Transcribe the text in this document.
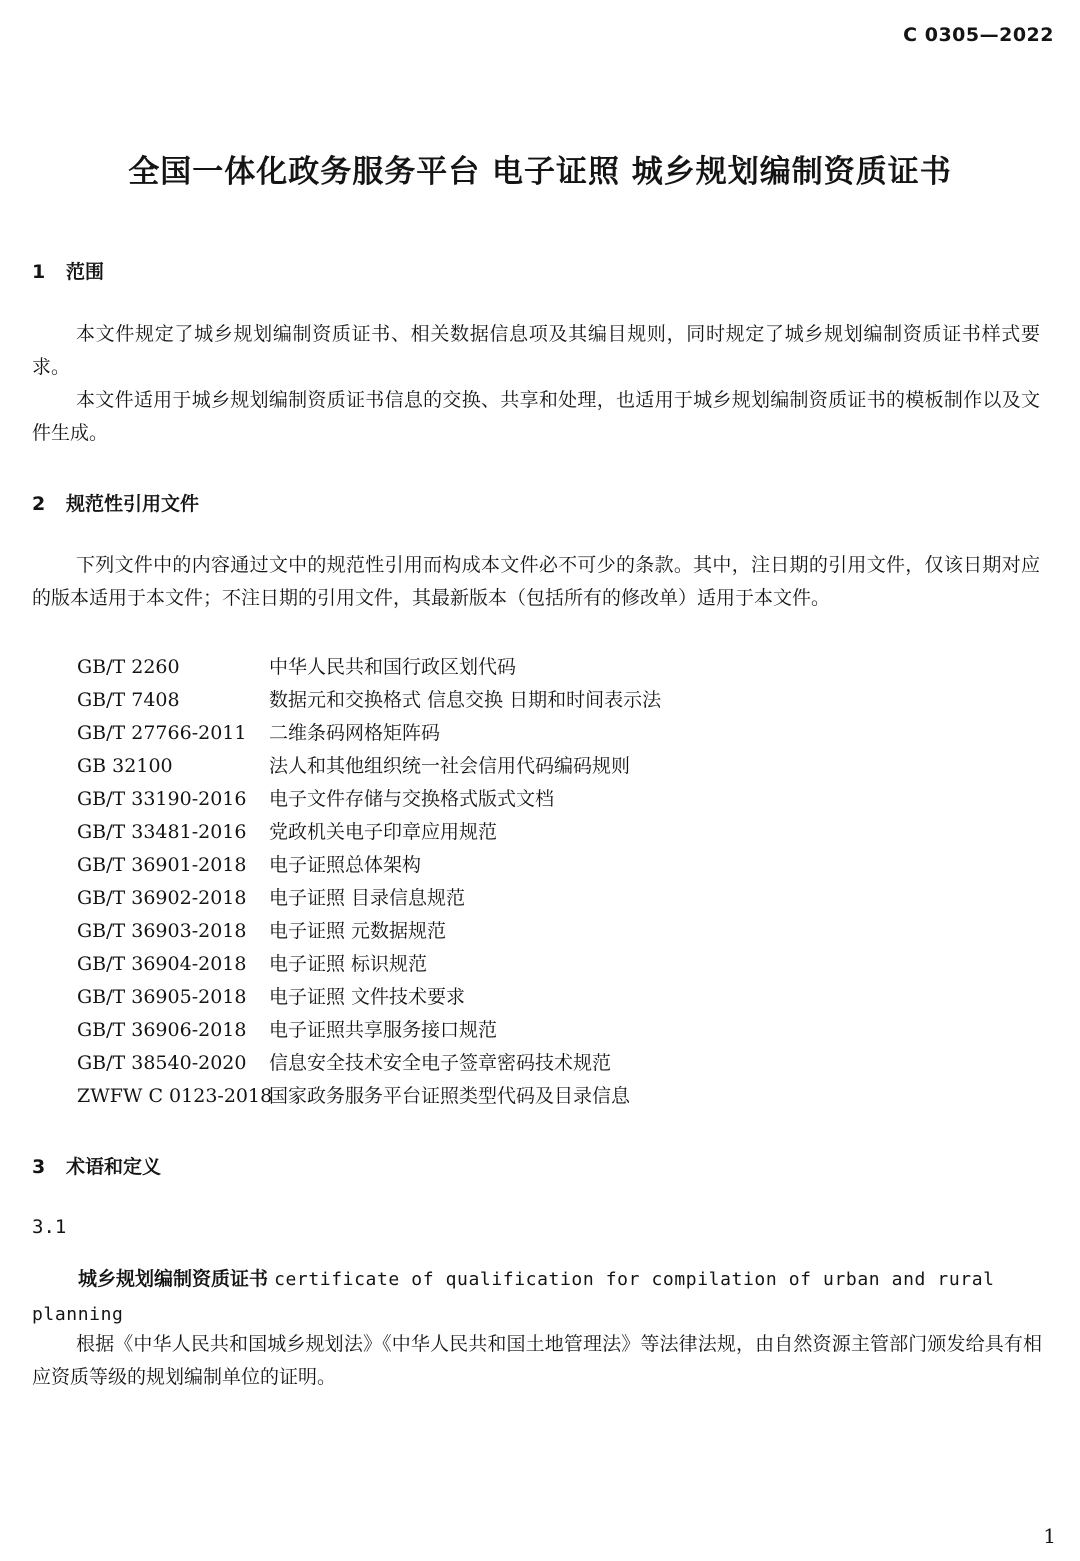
C 0305—2022
全国一体化政务服务平台 电子证照 城乡规划编制资质证书
1 范围
本文件规定了城乡规划编制资质证书、相关数据信息项及其编目规则，同时规定了城乡规划编制资质证书样式要求。
本文件适用于城乡规划编制资质证书信息的交换、共享和处理，也适用于城乡规划编制资质证书的模板制作以及文件生成。
2 规范性引用文件
下列文件中的内容通过文中的规范性引用而构成本文件必不可少的条款。其中，注日期的引用文件，仅该日期对应的版本适用于本文件；不注日期的引用文件，其最新版本（包括所有的修改单）适用于本文件。
GB/T 2260	中华人民共和国行政区划代码
GB/T 7408	数据元和交换格式 信息交换 日期和时间表示法
GB/T 27766-2011 二维条码网格矩阵码
GB 32100	法人和其他组织统一社会信用代码编码规则
GB/T 33190-2016 电子文件存储与交换格式版式文档
GB/T 33481-2016 党政机关电子印章应用规范
GB/T 36901-2018 电子证照总体架构
GB/T 36902-2018 电子证照 目录信息规范
GB/T 36903-2018 电子证照 元数据规范
GB/T 36904-2018 电子证照 标识规范
GB/T 36905-2018 电子证照 文件技术要求
GB/T 36906-2018 电子证照共享服务接口规范
GB/T 38540-2020 信息安全技术安全电子签章密码技术规范
ZWFW C 0123-2018国家政务服务平台证照类型代码及目录信息
3 术语和定义
3.1
城乡规划编制资质证书 certificate of qualification for compilation of urban and rural planning
根据《中华人民共和国城乡规划法》《中华人民共和国土地管理法》等法律法规，由自然资源主管部门颁发给具有相应资质等级的规划编制单位的证明。
1
